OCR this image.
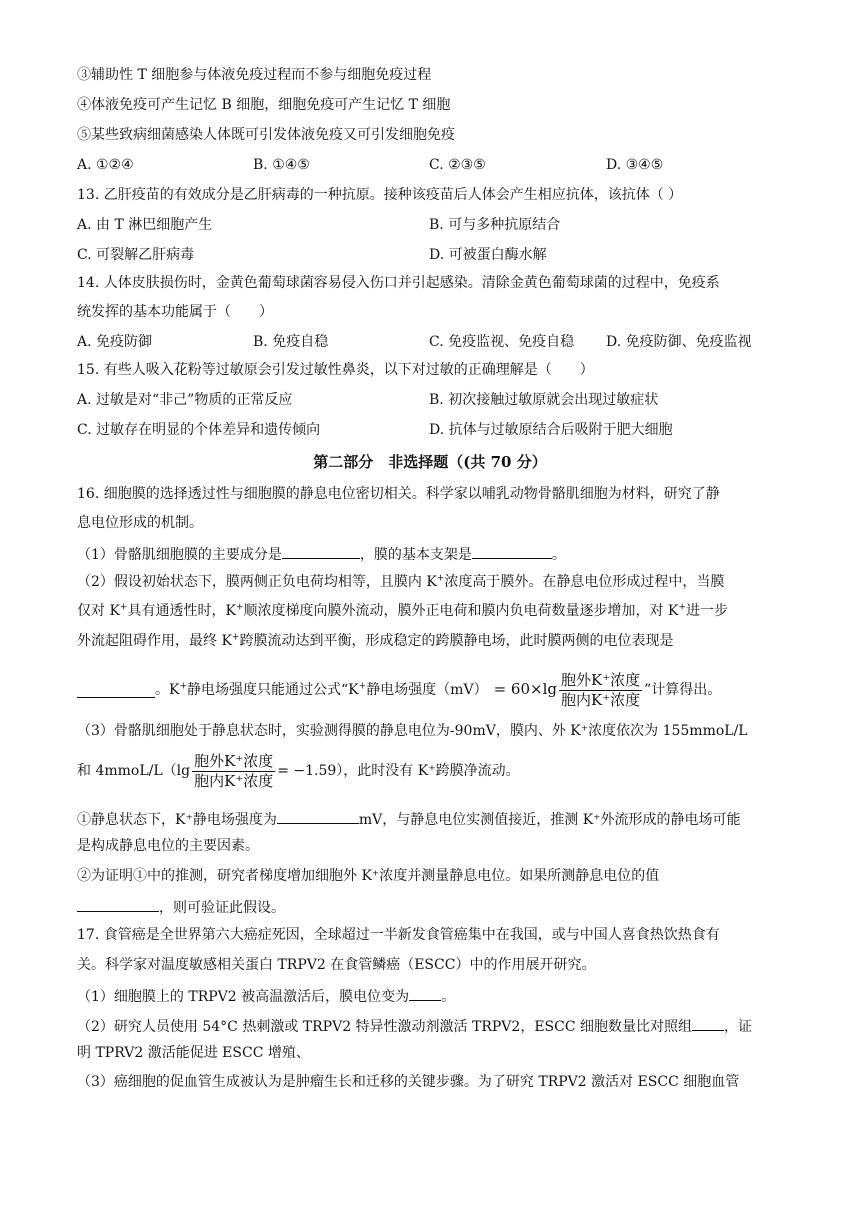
③辅助性 T 细胞参与体液免疫过程而不参与细胞免疫过程
④体液免疫可产生记忆 B 细胞，细胞免疫可产生记忆 T 细胞
⑤某些致病细菌感染人体既可引发体液免疫又可引发细胞免疫
A. ①②④	B. ①④⑤	C. ②③⑤	D. ③④⑤
13. 乙肝疫苗的有效成分是乙肝病毒的一种抗原。接种该疫苗后人体会产生相应抗体，该抗体（ ）
A. 由 T 淋巴细胞产生	B. 可与多种抗原结合
C. 可裂解乙肝病毒	D. 可被蛋白酶水解
14. 人体皮肤损伤时，金黄色葡萄球菌容易侵入伤口并引起感染。清除金黄色葡萄球菌的过程中，免疫系
统发挥的基本功能属于（　　）
A. 免疫防御	B. 免疫自稳	C. 免疫监视、免疫自稳 D. 免疫防御、免疫监视
15. 有些人吸入花粉等过敏原会引发过敏性鼻炎，以下对过敏的正确理解是（　　）
A. 过敏是对“非己”物质的正常反应	B. 初次接触过敏原就会出现过敏症状
C. 过敏存在明显的个体差异和遗传倾向	D. 抗体与过敏原结合后吸附于肥大细胞
第二部分　非选择题（(共 70 分）
16. 细胞膜的选择透过性与细胞膜的静息电位密切相关。科学家以哺乳动物骨骼肌细胞为材料，研究了静
息电位形成的机制。
（1）骨骼肌细胞膜的主要成分是	，膜的基本支架是	。
（2）假设初始状态下，膜两侧正负电荷均相等，且膜内 K+浓度高于膜外。在静息电位形成过程中，当膜
仅对 K+具有通透性时，K+顺浓度梯度向膜外流动，膜外正电荷和膜内负电荷数量逐步增加，对 K+进一步
外流起阻碍作用，最终 K+跨膜流动达到平衡，形成稳定的跨膜静电场，此时膜两侧的电位表现是
。K+静电场强度只能通过公式“K+静电场强度$(mV) = 60\times\lg \frac{\text{胞外K⁺浓度}}{\text{胞内K⁺浓度}}$ ”计算得出。
（3）骨骼肌细胞处于静息状态时，实验测得膜的静息电位为-90mV，膜内、外 K⁺浓度依次为 155mmoL/L
和 4mmoL/L（lg $\frac{\text{胞外K⁺浓度}}{\text{胞内K⁺浓度}} = -1.59$），此时没有 K⁺跨膜净流动。
①静息状态下，K⁺静电场强度为	mV，与静息电位实测值接近，推测 K⁺外流形成的静电场可能
是构成静息电位的主要因素。
②为证明①中的推测，研究者梯度增加细胞外 K⁺浓度并测量静息电位。如果所测静息电位的值
，则可验证此假设。
17. 食管癌是全世界第六大癌症死因，全球超过一半新发食管癌集中在我国，或与中国人喜食热饮热食有
关。科学家对温度敏感相关蛋白 TRPV2 在食管鳞癌（ESCC）中的作用展开研究。
（1）细胞膜上的 TRPV2 被高温激活后，膜电位变为 。
（2）研究人员使用 54°C 热刺激或 TRPV2 特异性激动剂激活 TRPV2，ESCC 细胞数量比对照组 ，证
明 TPRV2 激活能促进 ESCC 增殖、
（3）癌细胞的促血管生成被认为是肿瘤生长和迁移的关键步骤。为了研究 TRPV2 激活对 ESCC 细胞血管
